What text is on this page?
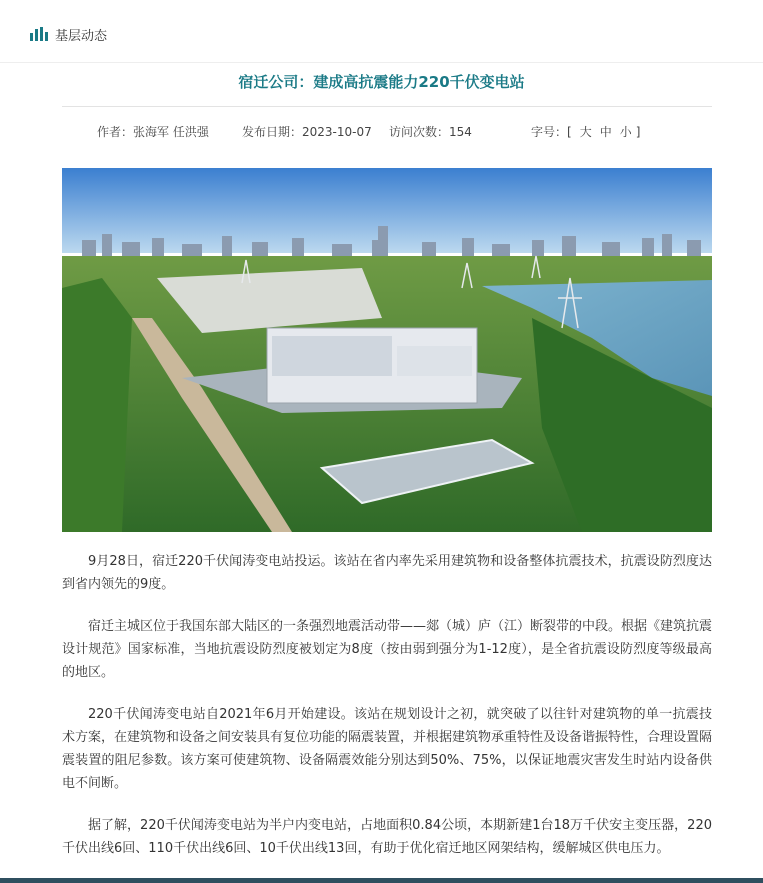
基层动态
宿迁公司：建成高抗震能力220千伏变电站
作者：张海军 任洪强	发布日期：2023-10-07 访问次数：154	字号：[ 大 中 小 ]

9月28日，宿迁220千伏闻涛变电站投运。该站在省内率先采用建筑物和设备整体抗震技术，抗震设防烈度达到省内领先的9度。

宿迁主城区位于我国东部大陆区的一条强烈地震活动带——郯（城）庐（江）断裂带的中段。根据《建筑抗震设计规范》国家标准，当地抗震设防烈度被划定为8度（按由弱到强分为1-12度），是全省抗震设防烈度等级最高的地区。

220千伏闻涛变电站自2021年6月开始建设。该站在规划设计之初，就突破了以往针对建筑物的单一抗震技术方案，在建筑物和设备之间安装具有复位功能的隔震装置，并根据建筑物承重特性及设备谐振特性，合理设置隔震装置的阻尼参数。该方案可使建筑物、设备隔震效能分别达到50%、75%，以保证地震灾害发生时站内设备供电不间断。

据了解，220千伏闻涛变电站为半户内变电站，占地面积0.84公顷，本期新建1台18万千伏安主变压器，220千伏出线6回、110千伏出线6回、10千伏出线13回，有助于优化宿迁地区网架结构，缓解城区供电压力。
